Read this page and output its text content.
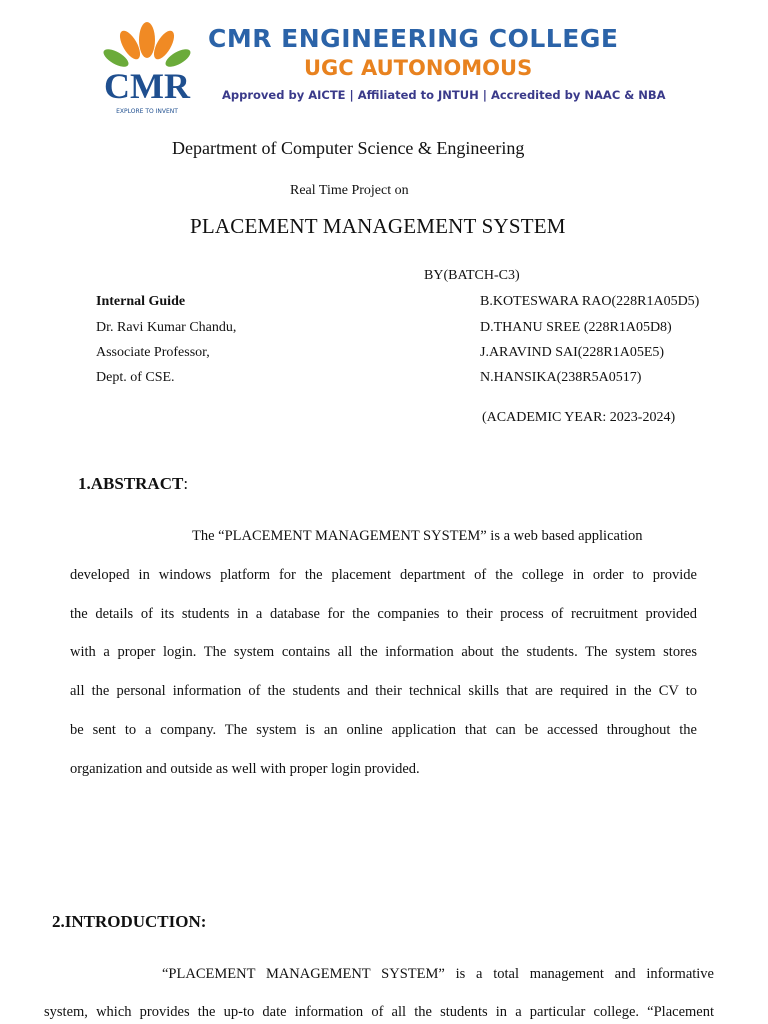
CMR
EXPLORE TO INVENT
CMR ENGINEERING COLLEGE
UGC AUTONOMOUS
Approved by AICTE | Affiliated to JNTUH | Accredited by NAAC & NBA
Department of Computer Science & Engineering
Real Time Project on
PLACEMENT MANAGEMENT SYSTEM
BY(BATCH-C3)
Internal Guide
Dr. Ravi Kumar Chandu,
Associate Professor,
Dept. of CSE.
B.KOTESWARA RAO(228R1A05D5)
D.THANU SREE (228R1A05D8)
J.ARAVIND SAI(228R1A05E5)
N.HANSIKA(238R5A0517)
(ACADEMIC YEAR: 2023-2024)
1.ABSTRACT:
The “PLACEMENT MANAGEMENT SYSTEM” is a web based application
developed in windows platform for the placement department of the college in order to provide
the details of its students in a database for the companies to their process of recruitment provided
with a proper login. The system contains all the information about the students. The system stores
all the personal information of the students and their technical skills that are required in the CV to
be sent to a company. The system is an online application that can be accessed throughout the
organization and outside as well with proper login provided.
2.INTRODUCTION:
“PLACEMENT MANAGEMENT SYSTEM” is a total management and informative
system, which provides the up-to date information of all the students in a particular college. “Placement
